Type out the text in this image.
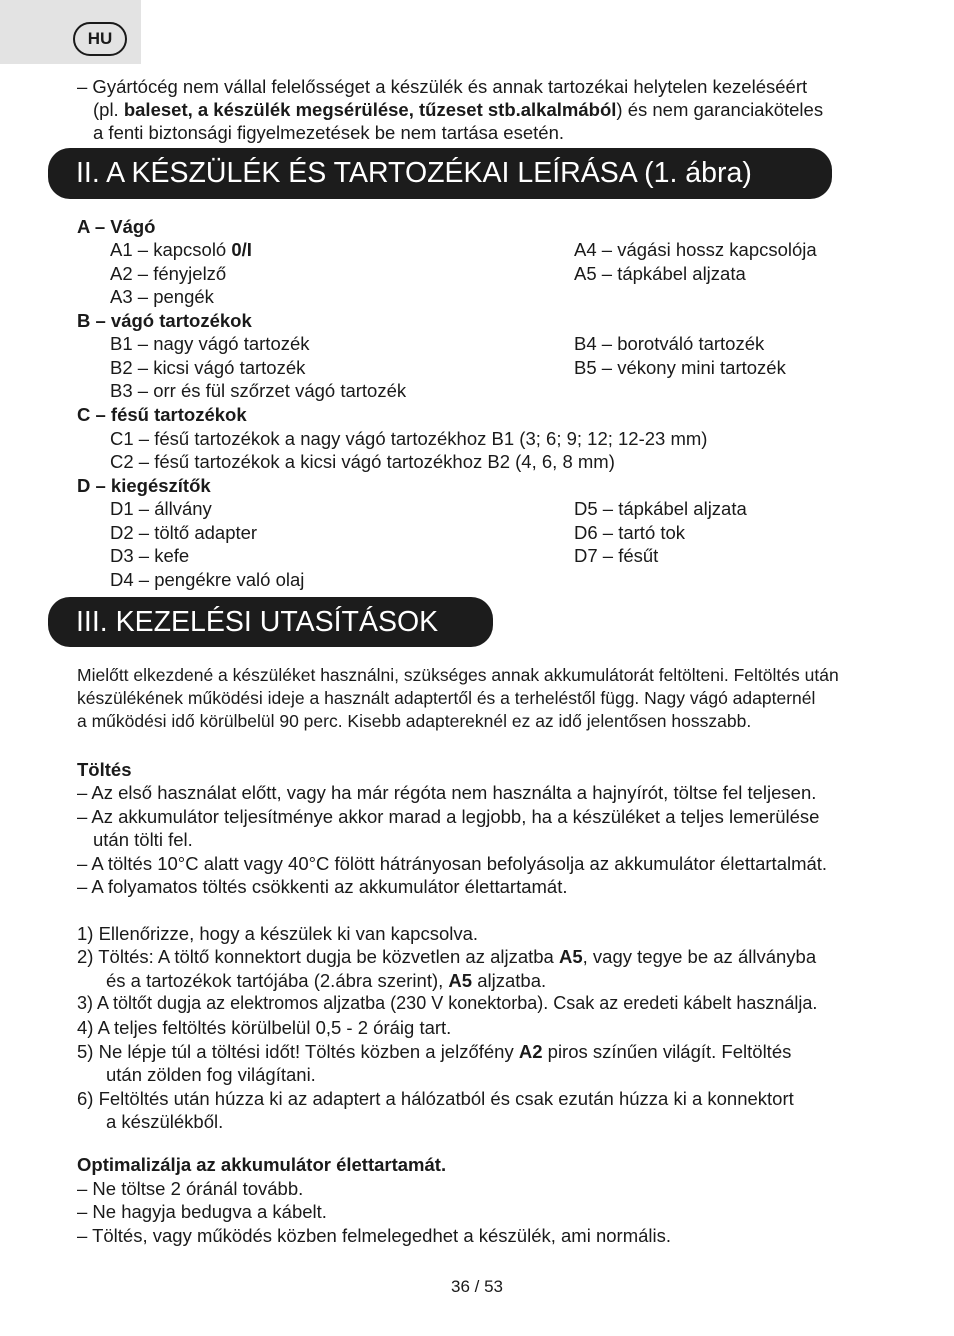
HU
– Gyártócég nem vállal felelősséget a készülék és annak tartozékai helytelen kezeléséért
(pl. baleset, a készülék megsérülése, tűzeset stb.alkalmából) és nem garanciaköteles
a fenti biztonsági figyelmezetések be nem tartása esetén.
II. A KÉSZÜLÉK ÉS TARTOZÉKAI LEÍRÁSA (1. ábra)
A – Vágó
A1 – kapcsoló 0/I
A2 – fényjelző
A3 – pengék
A4 – vágási hossz kapcsolója
A5 – tápkábel aljzata
B – vágó tartozékok
B1 – nagy vágó tartozék
B2 – kicsi vágó tartozék
B3 – orr és fül szőrzet vágó tartozék
B4 – borotváló tartozék
B5 – vékony mini tartozék
C – fésű tartozékok
C1 – fésű tartozékok a nagy vágó tartozékhoz B1 (3; 6; 9; 12; 12-23 mm)
C2 – fésű tartozékok a kicsi vágó tartozékhoz B2 (4, 6, 8 mm)
D – kiegészítők
D1 – állvány
D2 – töltő adapter
D3 – kefe
D4 – pengékre való olaj
D5 – tápkábel aljzata
D6 – tartó tok
D7 – fésűt
III. KEZELÉSI UTASÍTÁSOK
Mielőtt elkezdené a készüléket használni, szükséges annak akkumulátorát feltölteni. Feltöltés után
készülékének működési ideje a használt adaptertől és a terheléstől függ. Nagy vágó adapternél
a működési idő körülbelül 90 perc. Kisebb adaptereknél ez az idő jelentősen hosszabb.
Töltés
– Az első használat előtt, vagy ha már régóta nem használta a hajnyírót, töltse fel teljesen.
– Az akkumulátor teljesítménye akkor marad a legjobb, ha a készüléket a teljes lemerülése
után tölti fel.
– A töltés 10°C alatt vagy 40°C fölött hátrányosan befolyásolja az akkumulátor élettartalmát.
– A folyamatos töltés csökkenti az akkumulátor élettartamát.
1) Ellenőrizze, hogy a készülek ki van kapcsolva.
2) Töltés: A töltő konnektort dugja be közvetlen az aljzatba A5, vagy tegye be az állványba
és a tartozékok tartójába (2.ábra szerint), A5 aljzatba.
3) A töltőt dugja az elektromos aljzatba (230 V konektorba). Csak az eredeti kábelt használja.
4) A teljes feltöltés körülbelül 0,5 - 2 óráig tart.
5) Ne lépje túl a töltési időt! Töltés közben a jelzőfény A2 piros színűen világít. Feltöltés
után zölden fog világítani.
6) Feltöltés után húzza ki az adaptert a hálózatból és csak ezután húzza ki a konnektort
a készülékből.
Optimalizálja az akkumulátor élettartamát.
– Ne töltse 2 óránál tovább.
– Ne hagyja bedugva a kábelt.
– Töltés, vagy működés közben felmelegedhet a készülék, ami normális.
36 / 53
